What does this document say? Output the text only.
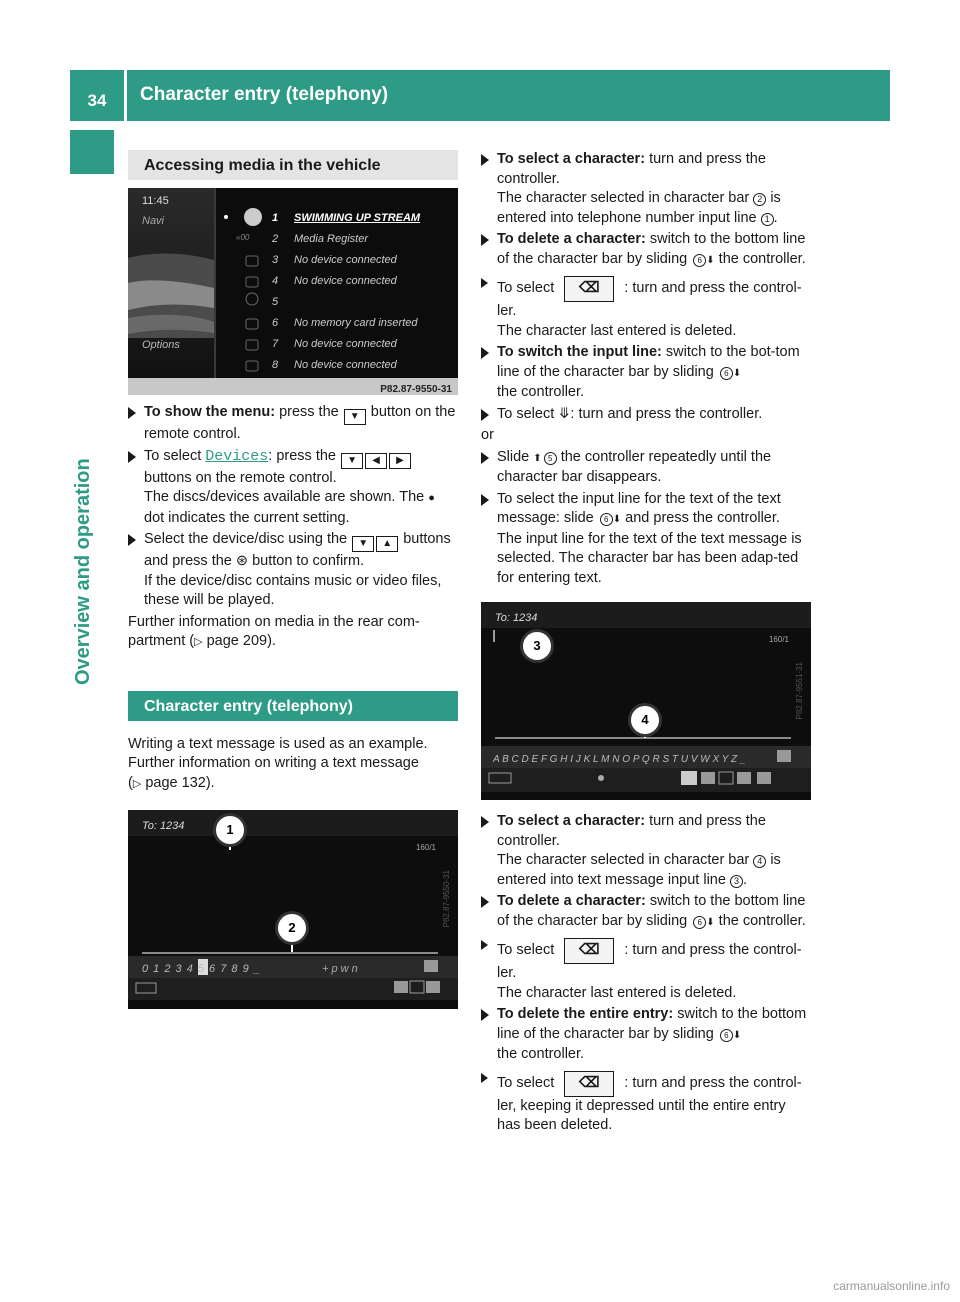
34	Character entry (telephony)
Overview and operation
Accessing media in the vehicle
«00
11:45
Navi
Options
P82.87-9550-31
1	SWIMMING UP STREAM
2	Media Register
3	No device connected
4	No device connected
5
6	No memory card inserted
7	No device connected
8	No device connected
To show the menu: press the ▼ button on the remote control.
To select Devices: press the ▼ ◀ ▶ buttons on the remote control.
The discs/devices available are shown. The ● dot indicates the current setting.
Select the device/disc using the ▼ ▲ buttons and press the ⊛ button to confirm.
If the device/disc contains music or video files, these will be played.
Further information on media in the rear com-partment (▷ page 209).
Character entry (telephony)
Writing a text message is used as an example.
Further information on writing a text message
(▷ page 132).
To: 1234
160/1
0 1 2 3 4 5 6 7 8 9 _	+ p w n
P82.87-9550-31
1
2
To select a character: turn and press the controller.
The character selected in character bar 2 is entered into telephone number input line 1 .
To delete a character: switch to the bottom line of the character bar by sliding 6 ⬇ the controller.
To select ⌫ : turn and press the control-ler.
The character last entered is deleted.
To switch the input line: switch to the bot-tom line of the character bar by sliding 6 ⬇
the controller.
To select ⤋: turn and press the controller.
or
Slide ⬆ 5 the controller repeatedly until the character bar disappears.
To select the input line for the text of the text message: slide 6 ⬇ and press the controller.
The input line for the text of the text message is selected. The character bar has been adap-ted for entering text.
To: 1234
160/1
A B C D E F G H I J K L M N O P Q R S T U V W X Y Z _
P82.87-9551-31
3
4
To select a character: turn and press the controller.
The character selected in character bar 4 is entered into text message input line 3 .
To delete a character: switch to the bottom line of the character bar by sliding 6 ⬇ the controller.
To select ⌫ : turn and press the control-ler.
The character last entered is deleted.
To delete the entire entry: switch to the bottom line of the character bar by sliding 6 ⬇
the controller.
To select ⌫ : turn and press the control-ler, keeping it depressed until the entire entry has been deleted.
carmanualsonline.info
